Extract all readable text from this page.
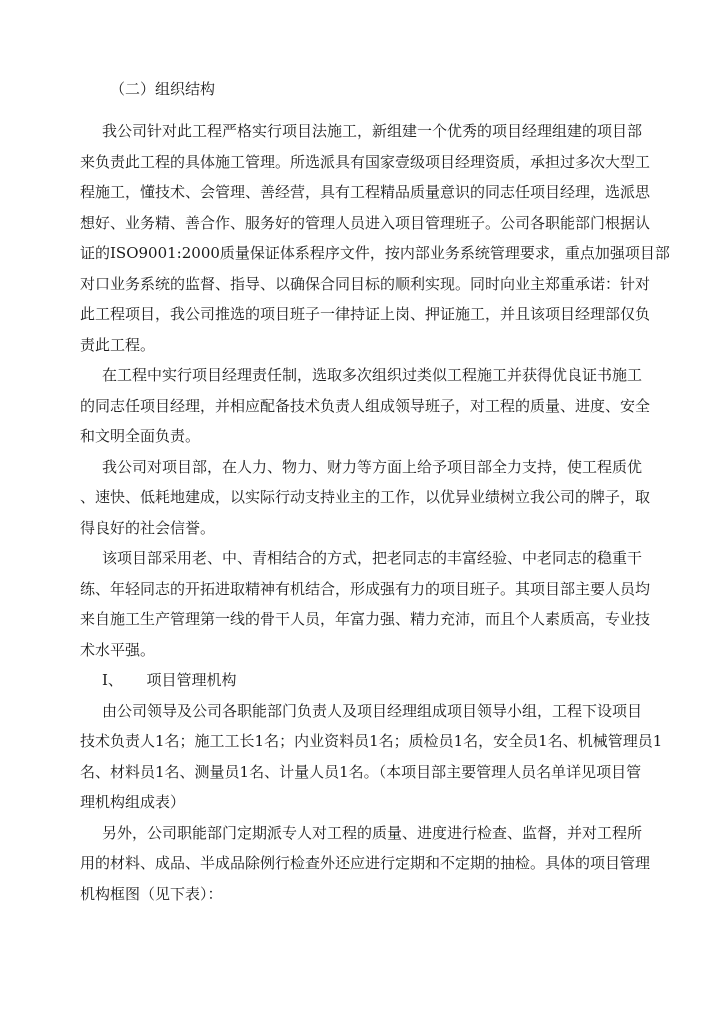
（二）组织结构
我公司针对此工程严格实行项目法施工，新组建一个优秀的项目经理组建的项目部
来负责此工程的具体施工管理。所选派具有国家壹级项目经理资质，承担过多次大型工
程施工，懂技术、会管理、善经营，具有工程精品质量意识的同志任项目经理，选派思
想好、业务精、善合作、服务好的管理人员进入项目管理班子。公司各职能部门根据认
证的ISO9001:2000质量保证体系程序文件，按内部业务系统管理要求，重点加强项目部
对口业务系统的监督、指导、以确保合同目标的顺利实现。同时向业主郑重承诺：针对
此工程项目，我公司推选的项目班子一律持证上岗、押证施工，并且该项目经理部仅负
责此工程。
在工程中实行项目经理责任制，选取多次组织过类似工程施工并获得优良证书施工
的同志任项目经理，并相应配备技术负责人组成领导班子，对工程的质量、进度、安全
和文明全面负责。
我公司对项目部，在人力、物力、财力等方面上给予项目部全力支持，使工程质优
、速快、低耗地建成，以实际行动支持业主的工作，以优异业绩树立我公司的牌子，取
得良好的社会信誉。
该项目部采用老、中、青相结合的方式，把老同志的丰富经验、中老同志的稳重干
练、年轻同志的开拓进取精神有机结合，形成强有力的项目班子。其项目部主要人员均
来自施工生产管理第一线的骨干人员，年富力强、精力充沛，而且个人素质高，专业技
术水平强。
Ⅰ、 项目管理机构
由公司领导及公司各职能部门负责人及项目经理组成项目领导小组，工程下设项目
技术负责人1名；施工工长1名；内业资料员1名；质检员1名，安全员1名、机械管理员1
名、材料员1名、测量员1名、计量人员1名。（本项目部主要管理人员名单详见项目管
理机构组成表）
另外，公司职能部门定期派专人对工程的质量、进度进行检查、监督，并对工程所
用的材料、成品、半成品除例行检查外还应进行定期和不定期的抽检。具体的项目管理
机构框图（见下表）：
